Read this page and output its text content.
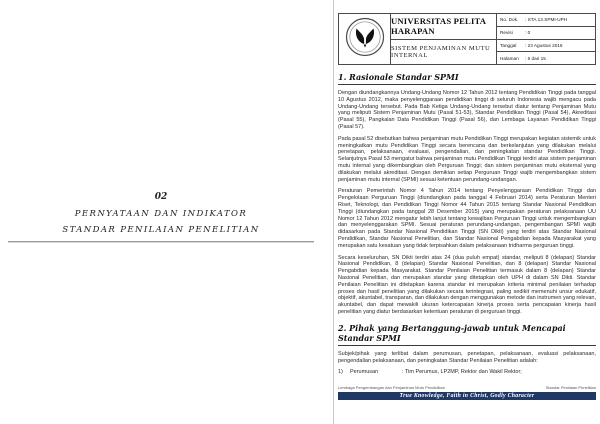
02
PERNYATAAN DAN INDIKATOR
STANDAR PENILAIAN PENELITIAN
UNIVERSITAS PELITA HARAPAN
SISTEM PENJAMINAN MUTU INTERNAL
No. Dok.	: STA.13.SPMI-UPH
Revisi	: 0
Tanggal	: 23 Agustus 2016
Halaman	: 6 dari 15
1. Rasionale Standar SPMI

Dengan diundangkannya Undang-Undang Nomor 12 Tahun 2012 tentang Pendidikan Tinggi pada tanggal 10 Agustus 2012, maka penyelenggaraan pendidikan tinggi di seluruh Indonesia wajib mengacu pada Undang-Undang tersebut. Pada Bab Ketiga Undang-Undang tersebut diatur tentang Penjaminan Mutu yang meliputi Sistem Penjaminan Mutu (Pasal 51-53), Standar Pendidikan Tinggi (Pasal 54), Akreditasi (Pasal 55), Pangkalan Data Pendidikan Tinggi (Pasal 56), dan Lembaga Layanan Pendidikan Tinggi (Pasal 57).

Pada pasal 52 disebutkan bahwa penjaminan mutu Pendidikan Tinggi merupakan kegiatan sistemik untuk meningkatkan mutu Pendidikan Tinggi secara berencana dan berkelanjutan yang dilakukan melalui penetapan, pelaksanaan, evaluasi, pengendalian, dan peningkatan standar Pendidikan Tinggi. Selanjutnya Pasal 53 mengatur bahwa penjaminan mutu Pendidikan Tinggi terdiri atas sistem penjaminan mutu internal yang dikembangkan oleh Perguruan Tinggi; dan sistem penjaminan mutu eksternal yang dilakukan melalui akreditasi. Dengan demikian setiap Perguruan Tinggi wajib mengembangkan sistem penjaminan mutu internal (SPMI) sesuai ketentuan perundang-undangan.

Peraturan Pemerintah Nomor 4 Tahun 2014 tentang Penyelenggaraan Pendidikan Tinggi dan Pengelolaan Perguruan Tinggi (diundangkan pada tanggal 4 Februari 2014) serta Peraturan Menteri Riset, Teknologi, dan Pendidikan Tinggi Nomor 44 Tahun 2015 tentang Standar Nasional Pendidikan Tinggi (diundangkan pada tanggal 28 Desember 2015) yang merupakan peraturan pelaksanaan UU Nomor 12 Tahun 2012 mengatur lebih lanjut tentang kewajiban Perguruan Tinggi untuk mengembangkan dan menyelenggarakan SPMI. Sesuai peraturan perundang-undangan, pengembangan SPMI wajib didasarkan pada Standar Nasional Pendidikan Tinggi (SN Dikti) yang terdiri atas Standar Nasional Pendidikan, Standar Nasional Penelitian, dan Standar Nasional Pengabdian kepada Masyarakat yang merupakan satu kesatuan yang tidak terpisahkan dalam pelaksanaan tridharma perguruan tinggi.

Secara keseluruhan, SN Dikti terdiri atas 24 (dua puluh empat) standar, meliputi 8 (delapan) Standar Nasional Pendidikan, 8 (delapan) Standar Nasional Penelitian, dan 8 (delapan) Standar Nasional Pengabdian kepada Masyarakat. Standar Penilaian Penelitian termasuk dalam 8 (delapan) Standar Nasional Penelitian, dan merupakan standar yang ditetapkan oleh UPH di dalam SN Dikti. Standar Penilaian Penelitian ini ditetapkan karena standar ini merupakan kriteria minimal penilaian terhadap proses dan hasil penelitian yang dilakukan secara terintegrasi, paling sedikit memenuhi unsur edukatif, objektif, akuntabel, transparan, dan dilakukan dengan menggunakan metode dan instrumen yang relevan, akuntabel, dan dapat mewakili ukuran ketercapaian kinerja proses serta pencapaian kinerja hasil penelitian yang diatur berdasarkan ketentuan peraturan di perguruan tinggi.

2. Pihak yang Bertanggung-jawab untuk Mencapai Standar SPMI

Subjek/pihak yang terlibat dalam perumusan, penetapan, pelaksanaan, evaluasi pelaksanaan, pengendalian pelaksanaan, dan peningkatan Standar Penilaian Penelitian adalah:

1)	Perumusan	: Tim Perumus, LP2MP, Rektor dan Wakil Rektor;
Lembaga Pengembangan dan Penjaminan Mutu Pendidikan	Standar Penilaian Penelitian
True Knowledge, Faith in Christ, Godly Character
